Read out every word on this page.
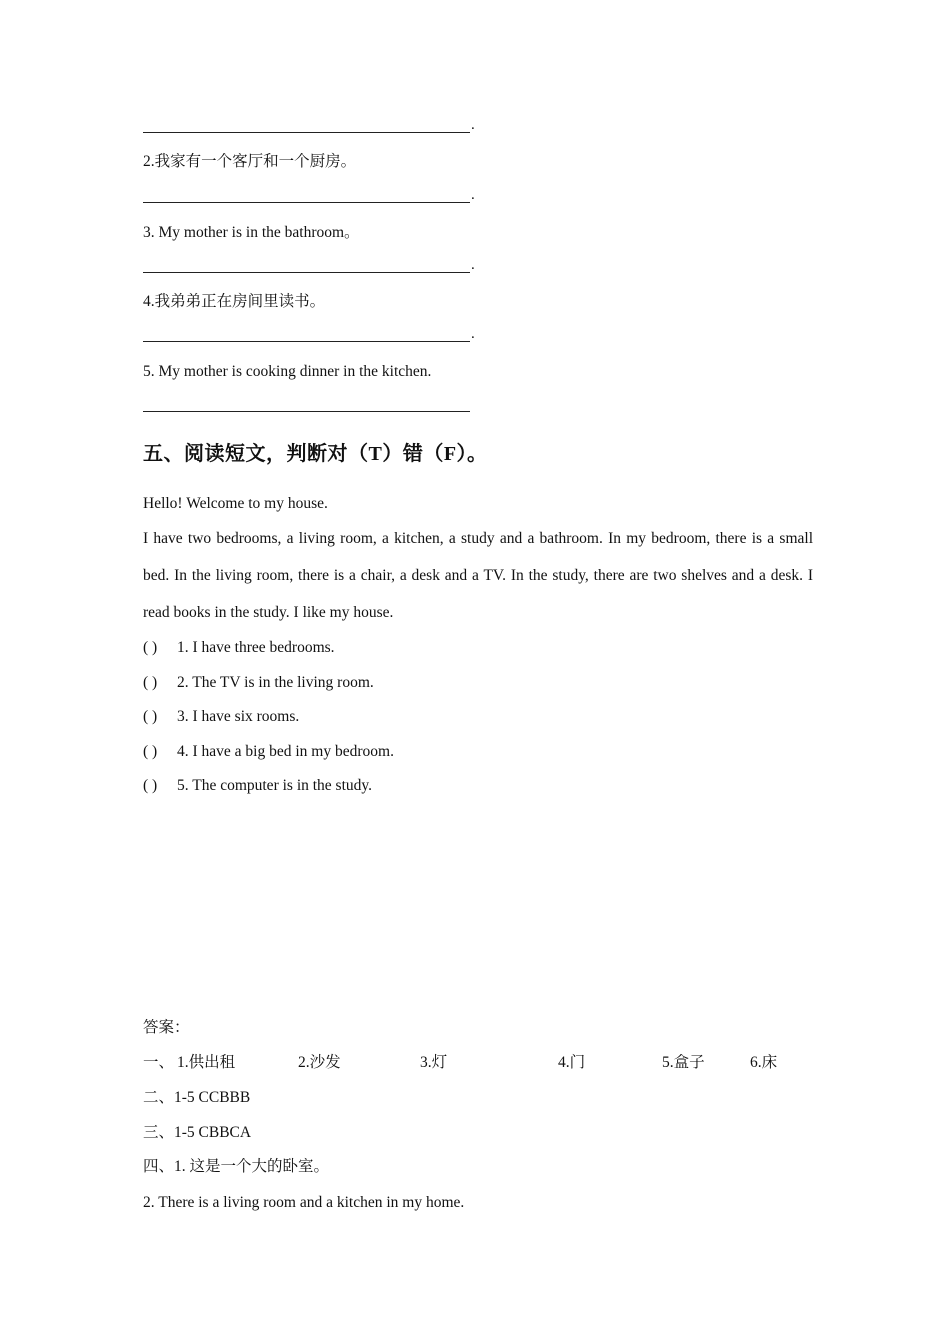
.
2.我家有一个客厅和一个厨房。
.
3. My mother is in the bathroom。
.
4.我弟弟正在房间里读书。
.
5. My mother is cooking dinner in the kitchen.
五、阅读短文，判断对（T）错（F）。
Hello! Welcome to my house.
I have two bedrooms, a living room, a kitchen, a study and a bathroom. In my bedroom, there is a small bed. In the living room, there is a chair, a desk and a TV. In the study, there are two shelves and a desk. I read books in the study. I like my house.
( ) 1. I have three bedrooms.
( ) 2. The TV is in the living room.
( ) 3. I have six rooms.
( ) 4. I have a big bed in my bedroom.
( ) 5. The computer is in the study.
答案：
一、 1.供出租	2.沙发	3.灯	4.门	5.盒子	6.床
二、1-5 CCBBB
三、1-5 CBBCA
四、1. 这是一个大的卧室。
2. There is a living room and a kitchen in my home.
